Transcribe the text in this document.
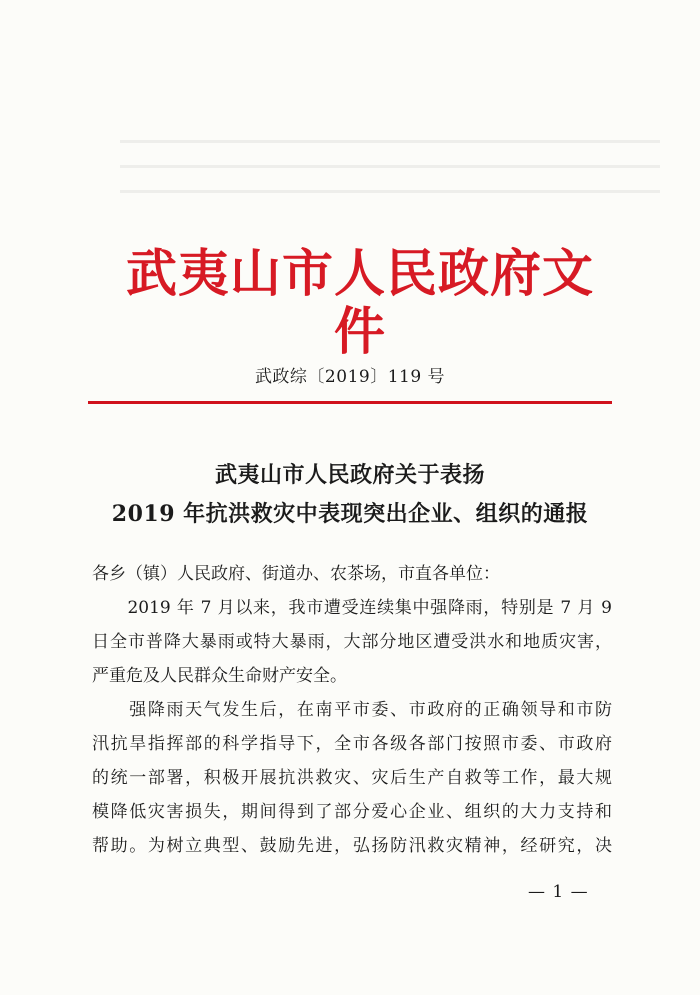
武夷山市人民政府文件
武政综〔2019〕119 号
武夷山市人民政府关于表扬
2019 年抗洪救灾中表现突出企业、组织的通报
各乡（镇）人民政府、街道办、农茶场，市直各单位：
　　2019 年 7 月以来，我市遭受连续集中强降雨，特别是 7 月 9
日全市普降大暴雨或特大暴雨，大部分地区遭受洪水和地质灾害，
严重危及人民群众生命财产安全。
　　强降雨天气发生后，在南平市委、市政府的正确领导和市防
汛抗旱指挥部的科学指导下，全市各级各部门按照市委、市政府
的统一部署，积极开展抗洪救灾、灾后生产自救等工作，最大规
模降低灾害损失，期间得到了部分爱心企业、组织的大力支持和
帮助。为树立典型、鼓励先进，弘扬防汛救灾精神，经研究，决
— 1 —
